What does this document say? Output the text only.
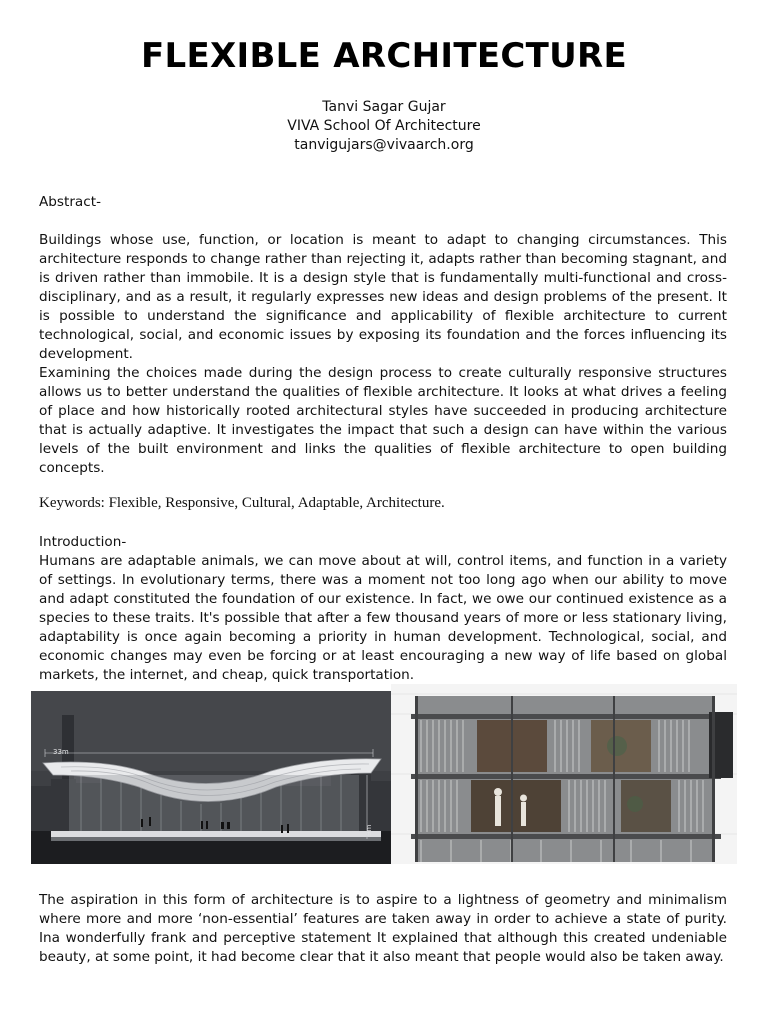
FLEXIBLE ARCHITECTURE
Tanvi Sagar Gujar
VIVA School Of Architecture
tanvigujars@vivaarch.org
Abstract-

Buildings whose use, function, or location is meant to adapt to changing circumstances. This architecture responds to change rather than rejecting it, adapts rather than becoming stagnant, and is driven rather than immobile. It is a design style that is fundamentally multi-functional and cross-disciplinary, and as a result, it regularly expresses new ideas and design problems of the present. It is possible to understand the significance and applicability of flexible architecture to current technological, social, and economic issues by exposing its foundation and the forces influencing its development.

Examining the choices made during the design process to create culturally responsive structures allows us to better understand the qualities of flexible architecture. It looks at what drives a feeling of place and how historically rooted architectural styles have succeeded in producing architecture that is actually adaptive. It investigates the impact that such a design can have within the various levels of the built environment and links the qualities of flexible architecture to open building concepts.

Keywords: Flexible, Responsive, Cultural, Adaptable, Architecture.
Introduction-

Humans are adaptable animals, we can move about at will, control items, and function in a variety of settings. In evolutionary terms, there was a moment not too long ago when our ability to move and adapt constituted the foundation of our existence. In fact, we owe our continued existence as a species to these traits. It's possible that after a few thousand years of more or less stationary living, adaptability is once again becoming a priority in human development. Technological, social, and economic changes may even be forcing or at least encouraging a new way of life based on global markets, the internet, and cheap, quick transportation.

33m
9m

The aspiration in this form of architecture is to aspire to a lightness of geometry and minimalism where more and more ‘non-essential’ features are taken away in order to achieve a state of purity. Ina wonderfully frank and perceptive statement It explained that although this created undeniable beauty, at some point, it had become clear that it also meant that people would also be taken away.
